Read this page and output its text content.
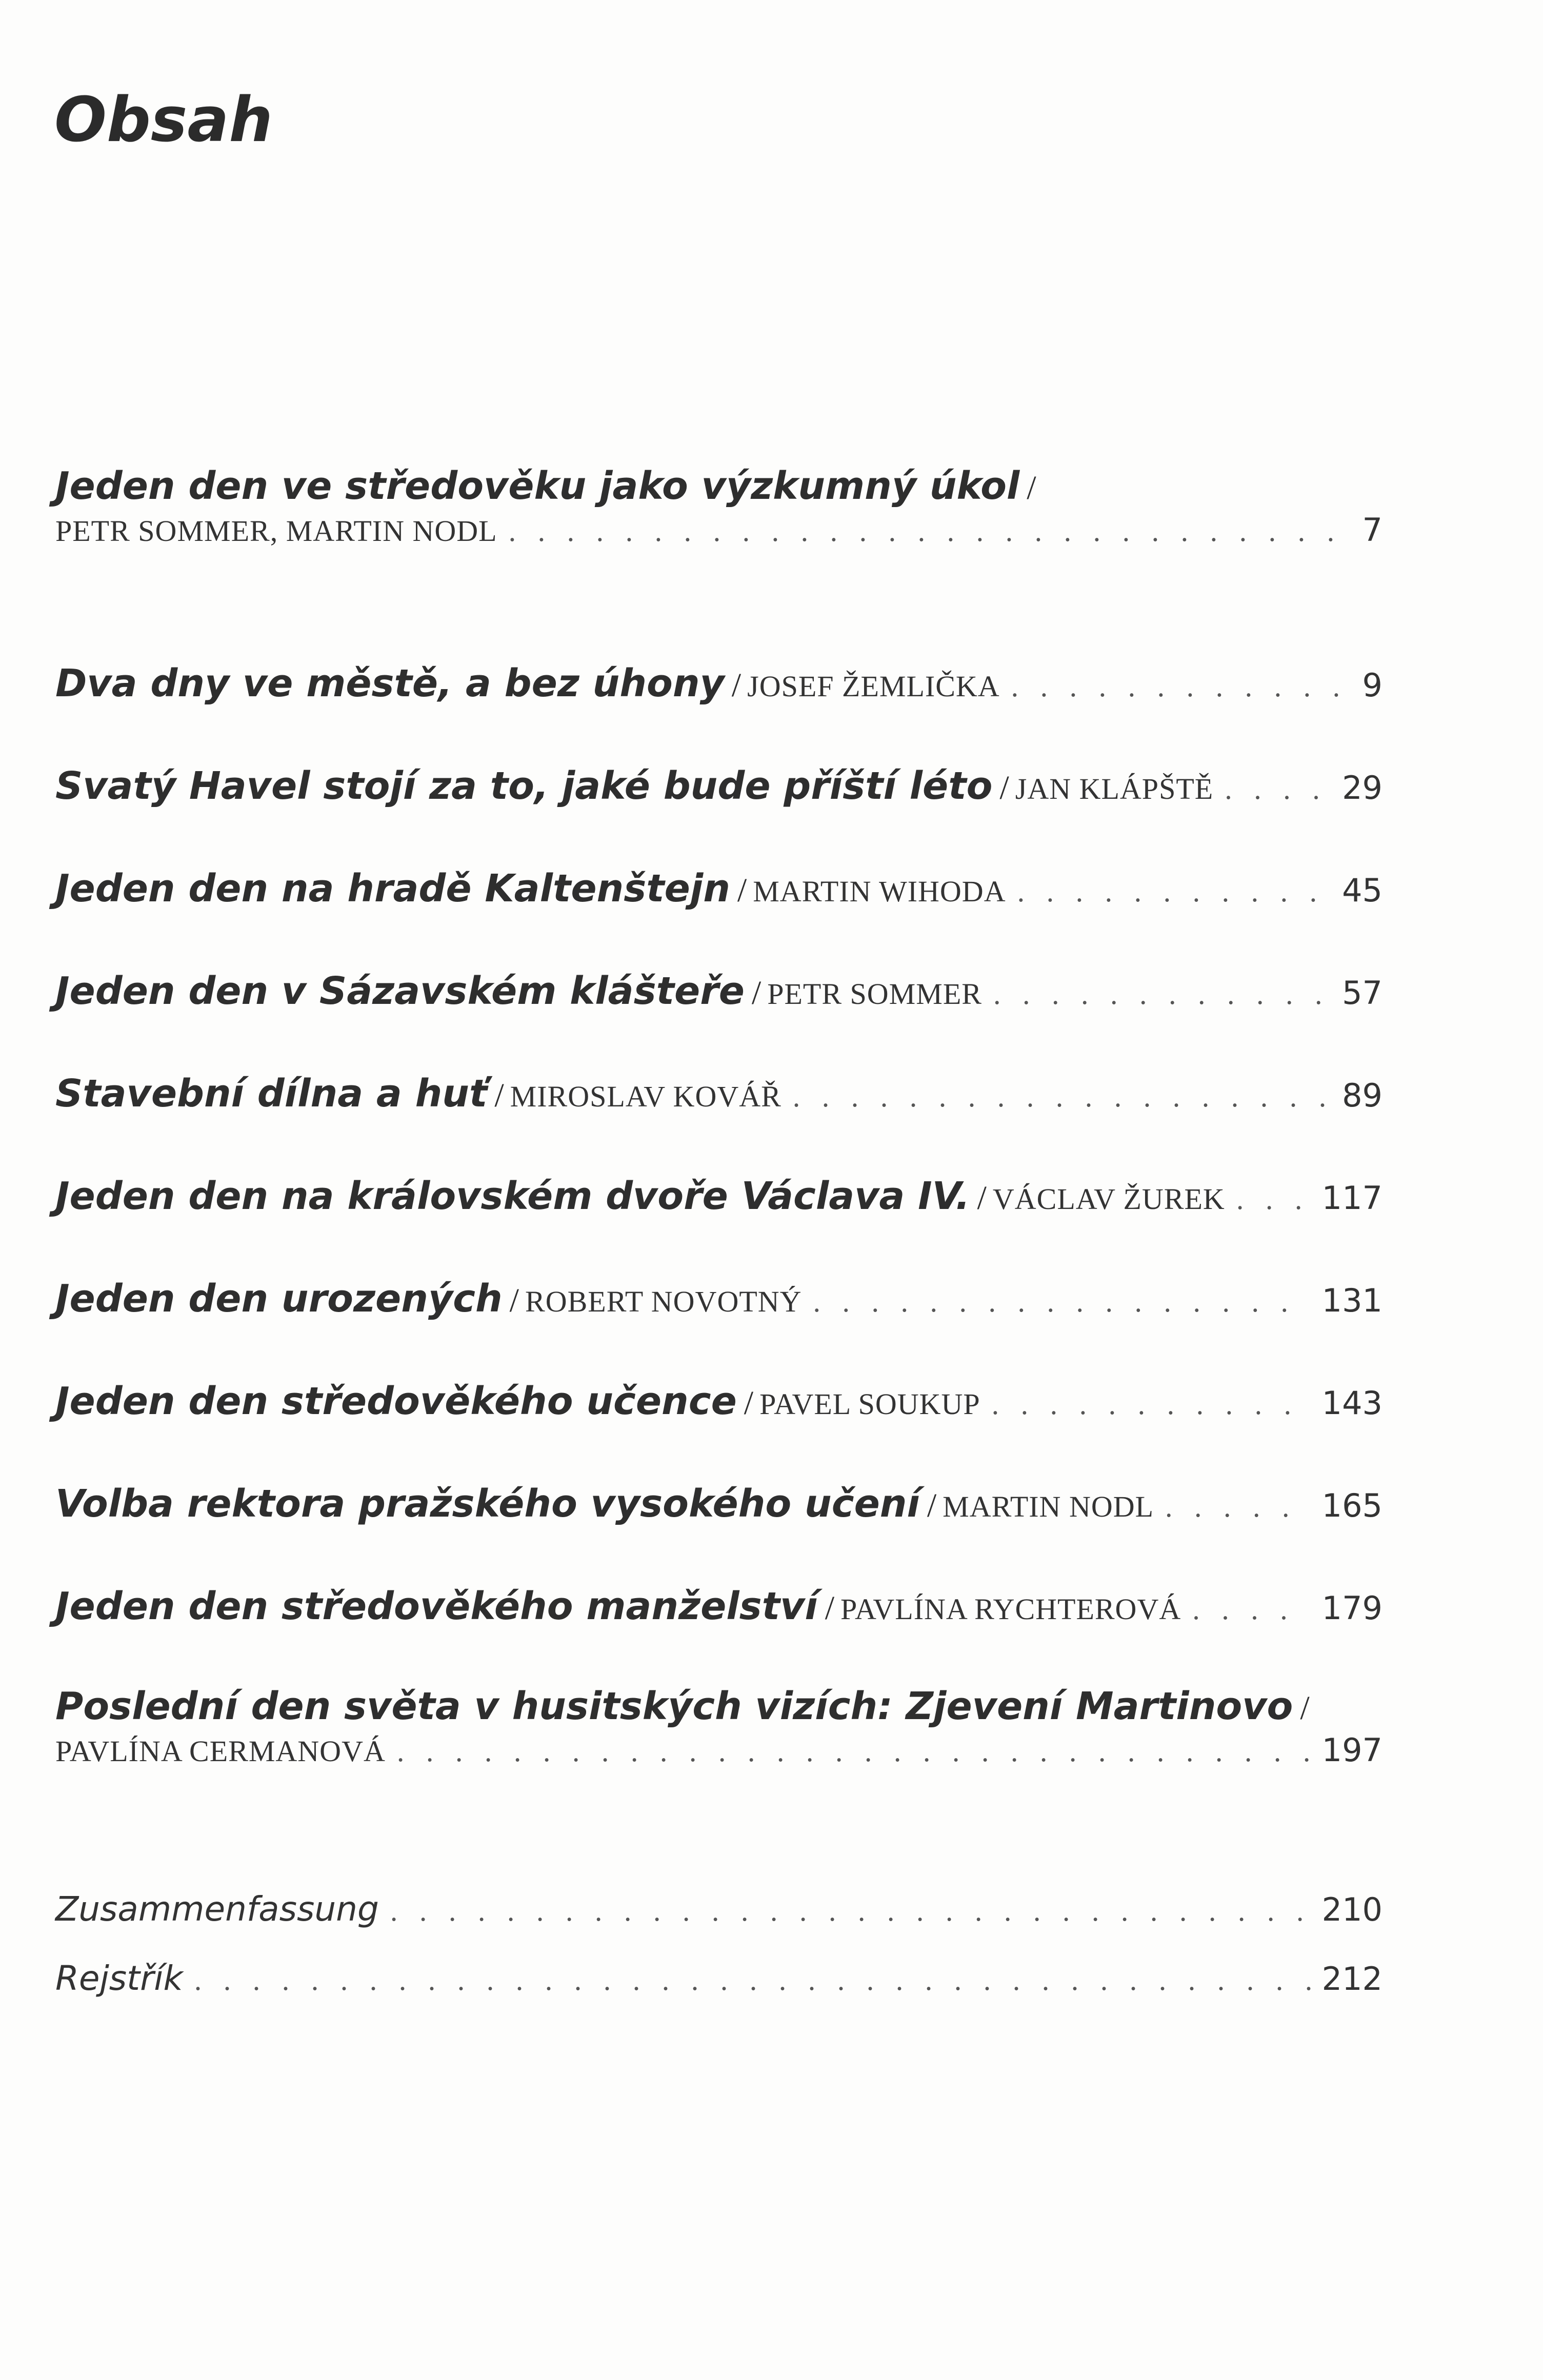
Obsah
Jeden den ve středověku jako výzkumný úkol /
PETR SOMMER, MARTIN NODL . . .	7
Dva dny ve městě, a bez úhony / JOSEF ŽEMLIČKA . . .	9
Svatý Havel stojí za to, jaké bude příští léto / JAN KLÁPŠTĚ . . .	29
Jeden den na hradě Kaltenštejn / MARTIN WIHODA . . .	45
Jeden den v Sázavském klášteře / PETR SOMMER . . .	57
Stavební dílna a huť / MIROSLAV KOVÁŘ . . .	89
Jeden den na královském dvoře Václava IV. / VÁCLAV ŽUREK . . .	117
Jeden den urozených / ROBERT NOVOTNÝ . . .	131
Jeden den středověkého učence / PAVEL SOUKUP . . .	143
Volba rektora pražského vysokého učení / MARTIN NODL . . .	165
Jeden den středověkého manželství / PAVLÍNA RYCHTEROVÁ . . .	179
Poslední den světa v husitských vizích: Zjevení Martinovo /
PAVLÍNA CERMANOVÁ . . .	197
Zusammenfassung . . .	210
Rejstřík . . .	212
